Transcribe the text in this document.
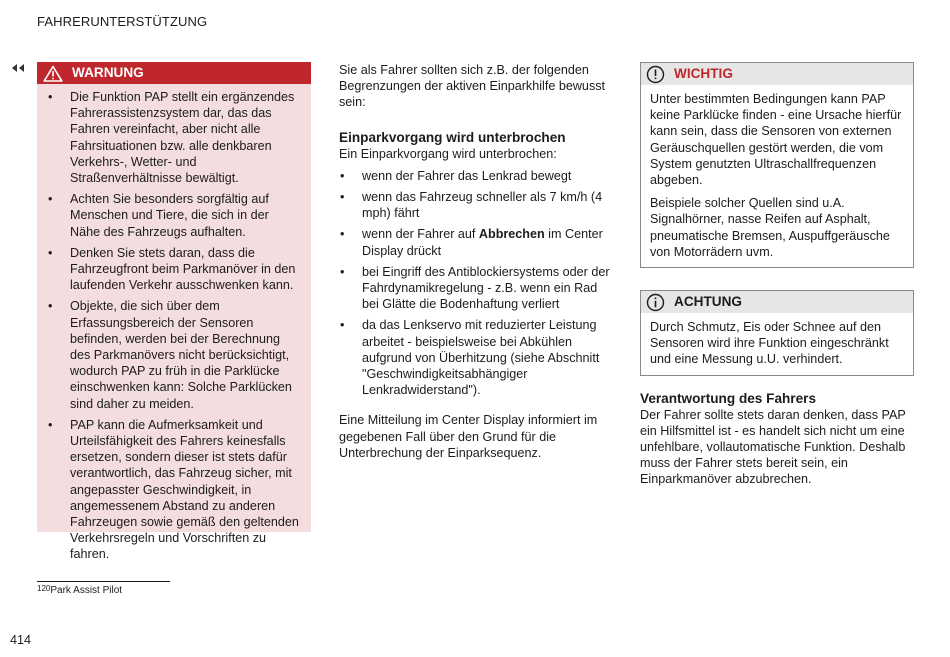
FAHRERUNTERSTÜTZUNG
WARNUNG
• Die Funktion PAP stellt ein ergänzendes Fahrerassistenzsystem dar, das das Fahren vereinfacht, aber nicht alle Fahrsituationen bzw. alle denkbaren Verkehrs-, Wetter- und Straßenverhältnisse bewältigt.
• Achten Sie besonders sorgfältig auf Menschen und Tiere, die sich in der Nähe des Fahrzeugs aufhalten.
• Denken Sie stets daran, dass die Fahrzeugfront beim Parkmanöver in den laufenden Verkehr ausschwenken kann.
• Objekte, die sich über dem Erfassungsbereich der Sensoren befinden, werden bei der Berechnung des Parkmanövers nicht berücksichtigt, wodurch PAP zu früh in die Parklücke einschwenken kann: Solche Parklücken sind daher zu meiden.
• PAP kann die Aufmerksamkeit und Urteilsfähigkeit des Fahrers keinesfalls ersetzen, sondern dieser ist stets dafür verantwortlich, das Fahrzeug sicher, mit angepasster Geschwindigkeit, in angemessenem Abstand zu anderen Fahrzeugen sowie gemäß den geltenden Verkehrsregeln und Vorschriften zu fahren.

Sie als Fahrer sollten sich z.B. der folgenden Begrenzungen der aktiven Einparkhilfe bewusst sein:

Einparkvorgang wird unterbrochen

Ein Einparkvorgang wird unterbrochen:

• wenn der Fahrer das Lenkrad bewegt
• wenn das Fahrzeug schneller als 7 km/h (4 mph) fährt
• wenn der Fahrer auf Abbrechen im Center Display drückt
• bei Eingriff des Antiblockiersystems oder der Fahrdynamikregelung - z.B. wenn ein Rad bei Glätte die Bodenhaftung verliert
• da das Lenkservo mit reduzierter Leistung arbeitet - beispielsweise bei Abkühlen aufgrund von Überhitzung (siehe Abschnitt "Geschwindigkeitsabhängiger Lenkradwiderstand").

Eine Mitteilung im Center Display informiert im gegebenen Fall über den Grund für die Unterbrechung der Einparksequenz.

WICHTIG

Unter bestimmten Bedingungen kann PAP keine Parklücke finden - eine Ursache hierfür kann sein, dass die Sensoren von externen Geräuschquellen gestört werden, die vom System genutzten Ultraschallfrequenzen abgeben.

Beispiele solcher Quellen sind u.A. Signalhörner, nasse Reifen auf Asphalt, pneumatische Bremsen, Auspuffgeräusche von Motorrädern uvm.

ACHTUNG

Durch Schmutz, Eis oder Schnee auf den Sensoren wird ihre Funktion eingeschränkt und eine Messung u.U. verhindert.

Verantwortung des Fahrers

Der Fahrer sollte stets daran denken, dass PAP ein Hilfsmittel ist - es handelt sich nicht um eine unfehlbare, vollautomatische Funktion. Deshalb muss der Fahrer stets bereit sein, ein Einparkmanöver abzubrechen.

$^{120}$Park Assist Pilot
414
